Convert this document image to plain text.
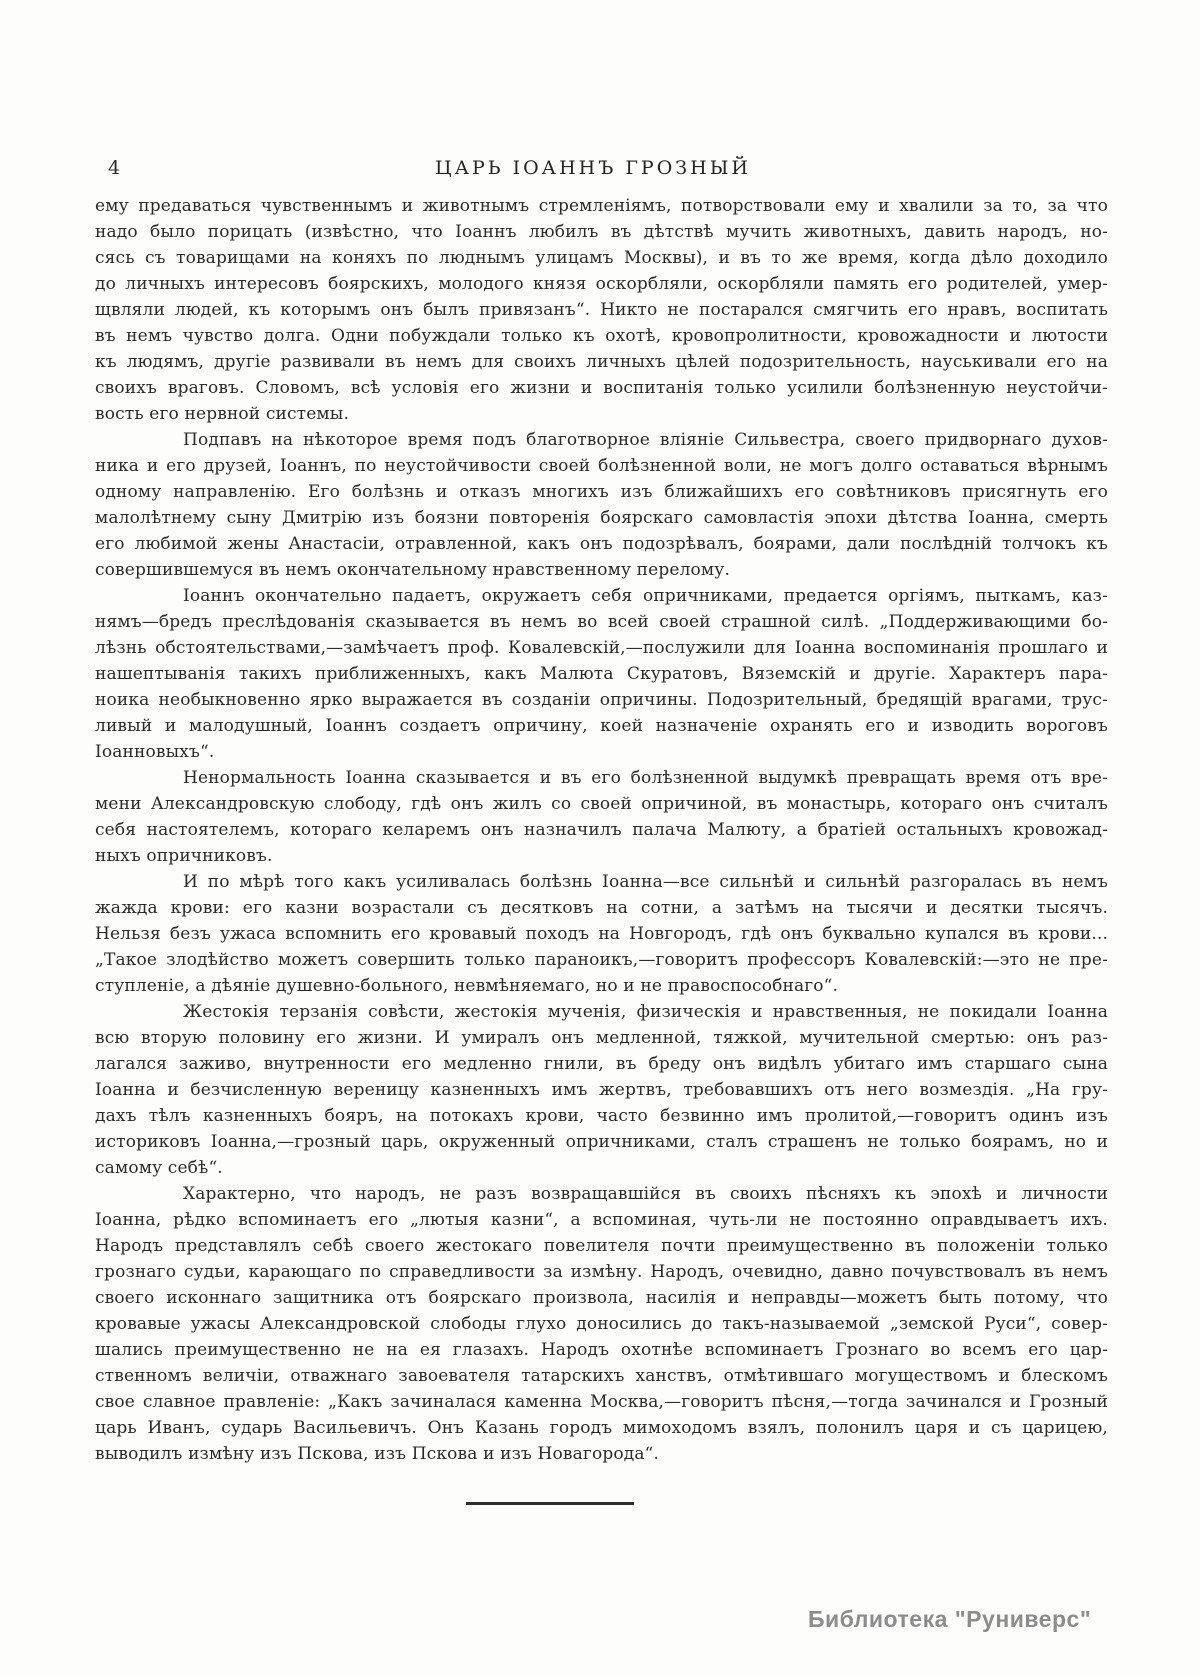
4	ЦАРЬ ІОАННЪ ГРОЗНЫЙ
ему предаваться чувственнымъ и животнымъ стремленіямъ, потворствовали ему и хвалили за то, за что
надо было порицать (извѣстно, что Іоаннъ любилъ въ дѣтствѣ мучить животныхъ, давить народъ, но-
сясь съ товарищами на коняхъ по люднымъ улицамъ Москвы), и въ то же время, когда дѣло доходило
до личныхъ интересовъ боярскихъ, молодого князя оскорбляли, оскорбляли память его родителей, умер-
щвляли людей, къ которымъ онъ былъ привязанъ“. Никто не постарался смягчить его нравъ, воспитать
въ немъ чувство долга. Одни побуждали только къ охотѣ, кровопролитности, кровожадности и лютости
къ людямъ, другіе развивали въ немъ для своихъ личныхъ цѣлей подозрительность, науськивали его на
своихъ враговъ. Словомъ, всѣ условія его жизни и воспитанія только усилили болѣзненную неустойчи-
вость его нервной системы.
Подпавъ на нѣкоторое время подъ благотворное вліяніе Сильвестра, своего придворнаго духов-
ника и его друзей, Іоаннъ, по неустойчивости своей болѣзненной воли, не могъ долго оставаться вѣрнымъ
одному направленію. Его болѣзнь и отказъ многихъ изъ ближайшихъ его совѣтниковъ присягнуть его
малолѣтнему сыну Дмитрію изъ боязни повторенія боярскаго самовластія эпохи дѣтства Іоанна, смерть
его любимой жены Анастасіи, отравленной, какъ онъ подозрѣвалъ, боярами, дали послѣдній толчокъ къ
совершившемуся въ немъ окончательному нравственному перелому.
Іоаннъ окончательно падаетъ, окружаетъ себя опричниками, предается оргіямъ, пыткамъ, каз-
нямъ—бредъ преслѣдованія сказывается въ немъ во всей своей страшной силѣ. „Поддерживающими бо-
лѣзнь обстоятельствами,—замѣчаетъ проф. Ковалевскій,—послужили для Іоанна воспоминанія прошлаго и
нашептыванія такихъ приближенныхъ, какъ Малюта Скуратовъ, Вяземскій и другіе. Характеръ пара-
ноика необыкновенно ярко выражается въ созданіи опричины. Подозрительный, бредящій врагами, трус-
ливый и малодушный, Іоаннъ создаетъ опричину, коей назначеніе охранять его и изводить вороговъ
Іоанновыхъ“.
Ненормальность Іоанна сказывается и въ его болѣзненной выдумкѣ превращать время отъ вре-
мени Александровскую слободу, гдѣ онъ жилъ со своей опричиной, въ монастырь, котораго онъ считалъ
себя настоятелемъ, котораго келаремъ онъ назначилъ палача Малюту, а братіей остальныхъ кровожад-
ныхъ опричниковъ.
И по мѣрѣ того какъ усиливалась болѣзнь Іоанна—все сильнѣй и сильнѣй разгоралась въ немъ
жажда крови: его казни возрастали съ десятковъ на сотни, а затѣмъ на тысячи и десятки тысячъ.
Нельзя безъ ужаса вспомнить его кровавый походъ на Новгородъ, гдѣ онъ буквально купался въ крови...
„Такое злодѣйство можетъ совершить только параноикъ,—говоритъ профессоръ Ковалевскій:—это не пре-
ступленіе, а дѣяніе душевно-больного, невмѣняемаго, но и не правоспособнаго“.
Жестокія терзанія совѣсти, жестокія мученія, физическія и нравственныя, не покидали Іоанна
всю вторую половину его жизни. И умиралъ онъ медленной, тяжкой, мучительной смертью: онъ раз-
лагался заживо, внутренности его медленно гнили, въ бреду онъ видѣлъ убитаго имъ старшаго сына
Іоанна и безчисленную вереницу казненныхъ имъ жертвъ, требовавшихъ отъ него возмездія. „На гру-
дахъ тѣлъ казненныхъ бояръ, на потокахъ крови, часто безвинно имъ пролитой,—говоритъ одинъ изъ
историковъ Іоанна,—грозный царь, окруженный опричниками, сталъ страшенъ не только боярамъ, но и
самому себѣ“.
Характерно, что народъ, не разъ возвращавшійся въ своихъ пѣсняхъ къ эпохѣ и личности
Іоанна, рѣдко вспоминаетъ его „лютыя казни“, а вспоминая, чуть-ли не постоянно оправдываетъ ихъ.
Народъ представлялъ себѣ своего жестокаго повелителя почти преимущественно въ положеніи только
грознаго судьи, карающаго по справедливости за измѣну. Народъ, очевидно, давно почувствовалъ въ немъ
своего исконнаго защитника отъ боярскаго произвола, насилія и неправды—можетъ быть потому, что
кровавые ужасы Александровской слободы глухо доносились до такъ-называемой „земской Руси“, совер-
шались преимущественно не на ея глазахъ. Народъ охотнѣе вспоминаетъ Грознаго во всемъ его цар-
ственномъ величіи, отважнаго завоевателя татарскихъ ханствъ, отмѣтившаго могуществомъ и блескомъ
свое славное правленіе: „Какъ зачиналася каменна Москва,—говоритъ пѣсня,—тогда зачинался и Грозный
царь Иванъ, сударь Васильевичъ. Онъ Казань городъ мимоходомъ взялъ, полонилъ царя и съ царицею,
выводилъ измѣну изъ Пскова, изъ Пскова и изъ Новагорода“.
Библиотека "Руниверс"
